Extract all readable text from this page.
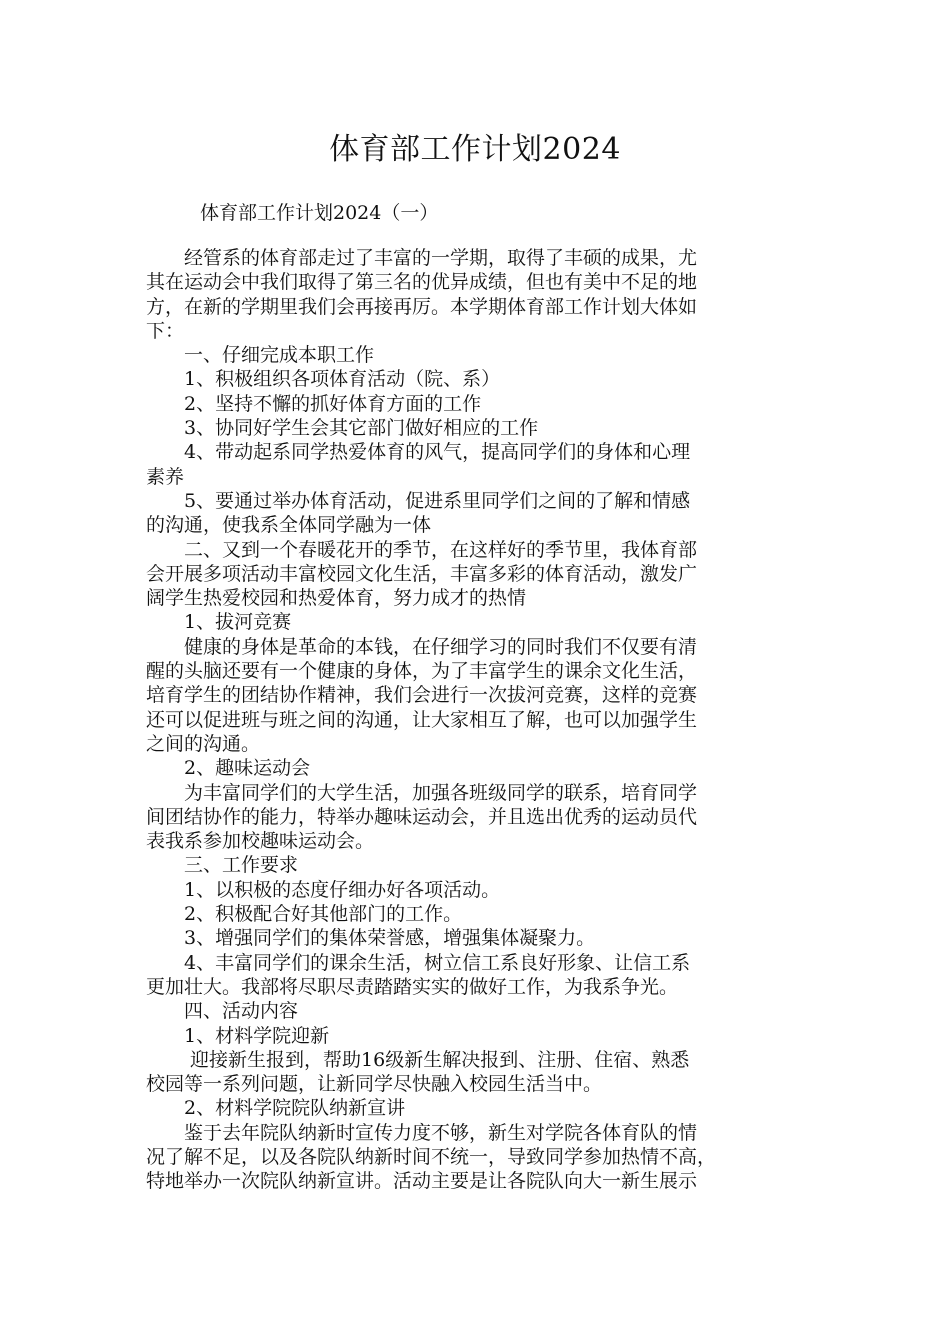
体育部工作计划2024
体育部工作计划2024（一）
　　经管系的体育部走过了丰富的一学期，取得了丰硕的成果，尤
其在运动会中我们取得了第三名的优异成绩，但也有美中不足的地
方，在新的学期里我们会再接再厉。本学期体育部工作计划大体如
下：
　　一、仔细完成本职工作
　　1、积极组织各项体育活动（院、系）
　　2、坚持不懈的抓好体育方面的工作
　　3、协同好学生会其它部门做好相应的工作
　　4、带动起系同学热爱体育的风气，提高同学们的身体和心理
素养
　　5、要通过举办体育活动，促进系里同学们之间的了解和情感
的沟通，使我系全体同学融为一体
　　二、又到一个春暖花开的季节，在这样好的季节里，我体育部
会开展多项活动丰富校园文化生活，丰富多彩的体育活动，激发广
阔学生热爱校园和热爱体育，努力成才的热情
　　1、拔河竞赛
　　健康的身体是革命的本钱，在仔细学习的同时我们不仅要有清
醒的头脑还要有一个健康的身体，为了丰富学生的课余文化生活，
培育学生的团结协作精神，我们会进行一次拔河竞赛，这样的竞赛
还可以促进班与班之间的沟通，让大家相互了解，也可以加强学生
之间的沟通。
　　2、趣味运动会
　　为丰富同学们的大学生活，加强各班级同学的联系，培育同学
间团结协作的能力，特举办趣味运动会，并且选出优秀的运动员代
表我系参加校趣味运动会。
　　三、工作要求
　　1、以积极的态度仔细办好各项活动。
　　2、积极配合好其他部门的工作。
　　3、增强同学们的集体荣誉感，增强集体凝聚力。
　　4、丰富同学们的课余生活，树立信工系良好形象、让信工系
更加壮大。我部将尽职尽责踏踏实实的做好工作，为我系争光。
　　四、活动内容
　　1、材料学院迎新
　　 迎接新生报到，帮助16级新生解决报到、注册、住宿、熟悉
校园等一系列问题，让新同学尽快融入校园生活当中。
　　2、材料学院院队纳新宣讲
　　鉴于去年院队纳新时宣传力度不够，新生对学院各体育队的情
况了解不足，以及各院队纳新时间不统一，导致同学参加热情不高，
特地举办一次院队纳新宣讲。活动主要是让各院队向大一新生展示
